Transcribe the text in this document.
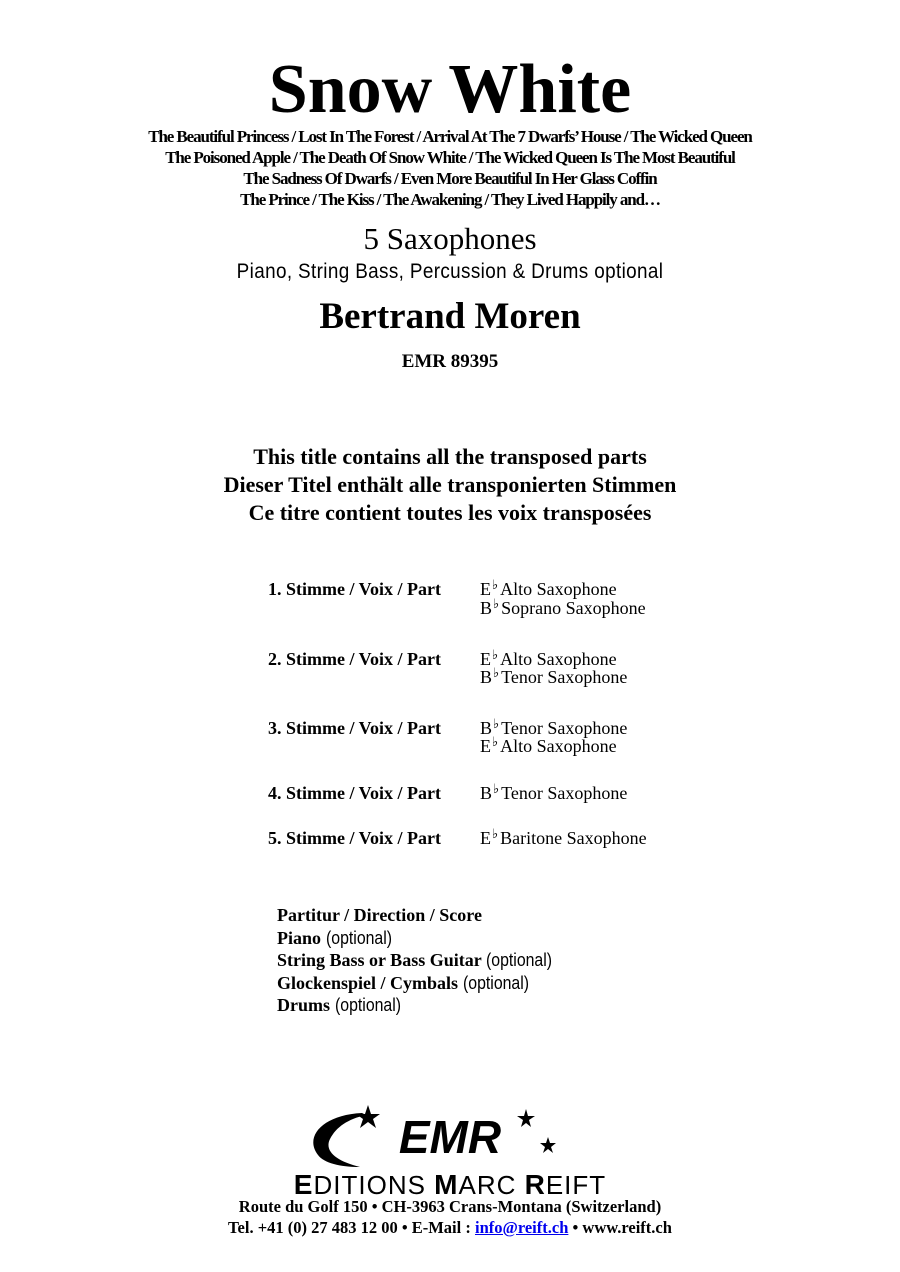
Snow White
The Beautiful Princess / Lost In The Forest / Arrival At The 7 Dwarfs’ House / The Wicked Queen
The Poisoned Apple / The Death Of Snow White / The Wicked Queen Is The Most Beautiful
The Sadness Of Dwarfs / Even More Beautiful In Her Glass Coffin
The Prince / The Kiss / The Awakening / They Lived Happily and…
5 Saxophones
Piano, String Bass, Percussion & Drums optional
Bertrand Moren
EMR 89395
This title contains all the transposed parts
Dieser Titel enthält alle transponierten Stimmen
Ce titre contient toutes les voix transposées
1. Stimme / Voix / Part E♭ Alto Saxophone
B♭ Soprano Saxophone
2. Stimme / Voix / Part E♭ Alto Saxophone
B♭ Tenor Saxophone
3. Stimme / Voix / Part B♭ Tenor Saxophone
E♭ Alto Saxophone
4. Stimme / Voix / Part B♭ Tenor Saxophone
5. Stimme / Voix / Part E♭ Baritone Saxophone
Partitur / Direction / Score
Piano (optional)
String Bass or Bass Guitar (optional)
Glockenspiel / Cymbals (optional)
Drums (optional)
EMR
EDITIONS MARC REIFT
Route du Golf 150 • CH-3963 Crans-Montana (Switzerland)
Tel. +41 (0) 27 483 12 00 • E-Mail : info@reift.ch • www.reift.ch
